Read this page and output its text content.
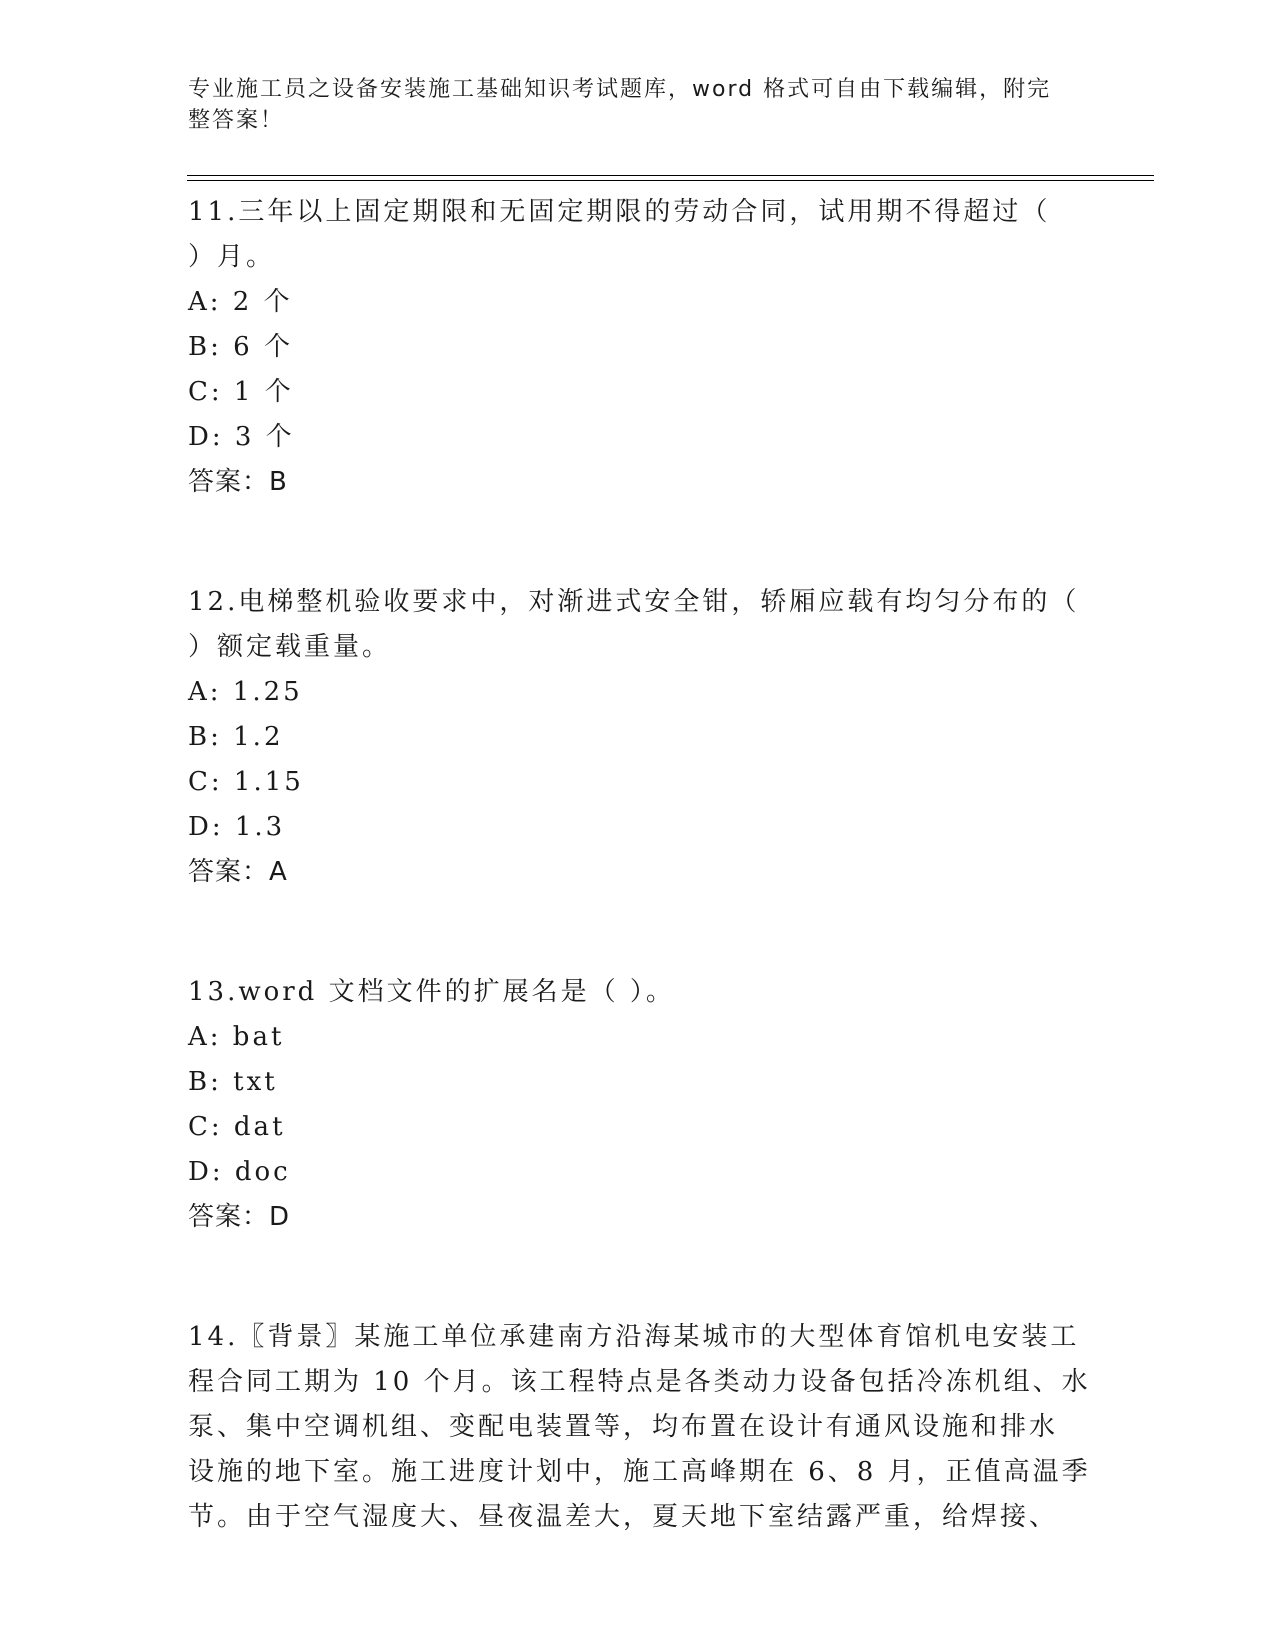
专业施工员之设备安装施工基础知识考试题库，word 格式可自由下载编辑，附完
整答案！
11.三年以上固定期限和无固定期限的劳动合同，试用期不得超过（
）月。
A: 2 个
B: 6 个
C: 1 个
D: 3 个
答案：B
12.电梯整机验收要求中，对渐进式安全钳，轿厢应载有均匀分布的（
）额定载重量。
A: 1.25
B: 1.2
C: 1.15
D: 1.3
答案：A
13.word 文档文件的扩展名是（ ）。
A: bat
B: txt
C: dat
D: doc
答案：D
14.〖背景〗某施工单位承建南方沿海某城市的大型体育馆机电安装工
程合同工期为 10 个月。该工程特点是各类动力设备包括冷冻机组、水
泵、集中空调机组、变配电装置等，均布置在设计有通风设施和排水
设施的地下室。施工进度计划中，施工高峰期在 6、8 月，正值高温季
节。由于空气湿度大、昼夜温差大，夏天地下室结露严重，给焊接、
